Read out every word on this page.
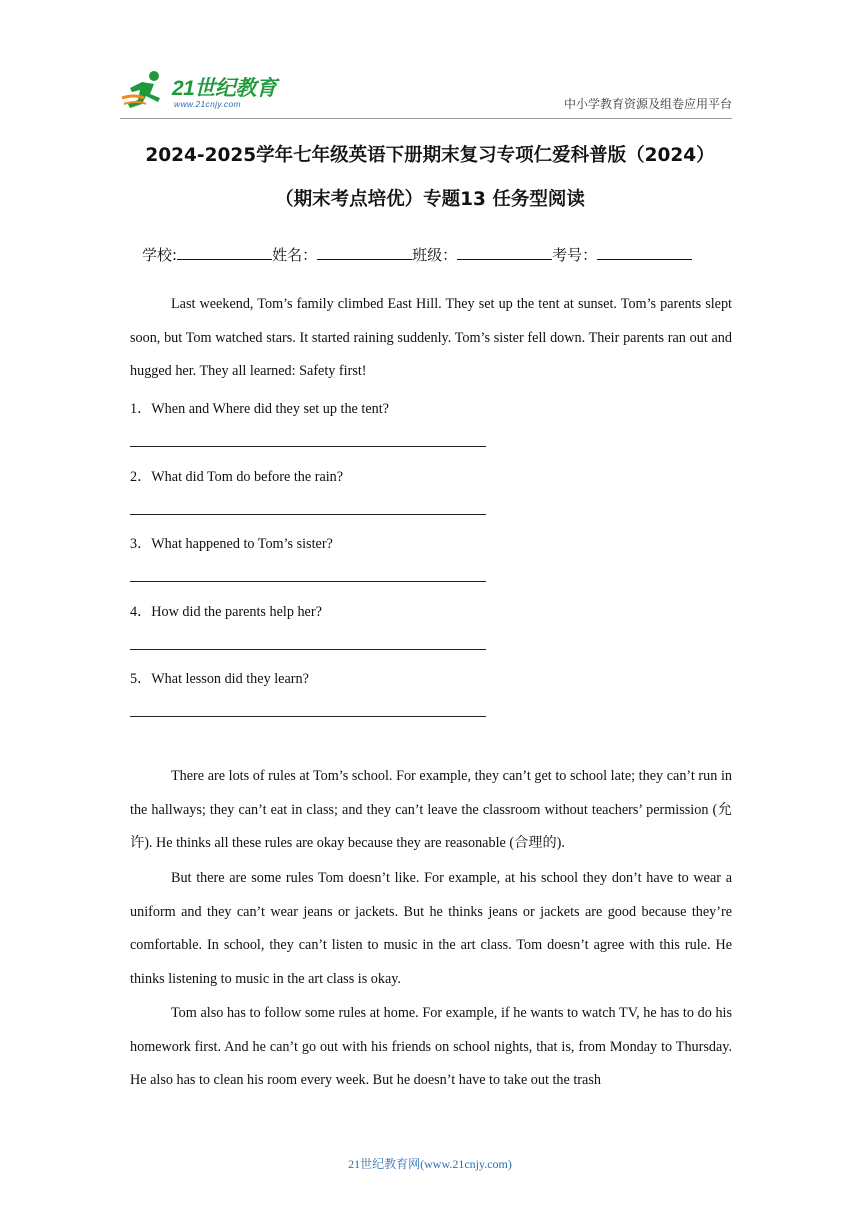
21世纪教育
www.21cnjy.com	中小学教育资源及组卷应用平台
2024-2025学年七年级英语下册期末复习专项仁爱科普版（2024）
（期末考点培优）专题13 任务型阅读
学校:	姓名：	班级：	考号：
Last weekend, Tom’s family climbed East Hill. They set up the tent at sunset. Tom’s parents slept soon, but Tom watched stars. It started raining suddenly. Tom’s sister fell down. Their parents ran out and hugged her. They all learned: Safety first!
1．When and Where did they set up the tent?
2．What did Tom do before the rain?
3．What happened to Tom’s sister?
4．How did the parents help her?
5．What lesson did they learn?
There are lots of rules at Tom’s school. For example, they can’t get to school late; they can’t run in the hallways; they can’t eat in class; and they can’t leave the classroom without teachers’ permission (允许). He thinks all these rules are okay because they are reasonable (合理的).
But there are some rules Tom doesn’t like. For example, at his school they don’t have to wear a uniform and they can’t wear jeans or jackets. But he thinks jeans or jackets are good because they’re comfortable. In school, they can’t listen to music in the art class. Tom doesn’t agree with this rule. He thinks listening to music in the art class is okay.
Tom also has to follow some rules at home. For example, if he wants to watch TV, he has to do his homework first. And he can’t go out with his friends on school nights, that is, from Monday to Thursday. He also has to clean his room every week. But he doesn’t have to take out the trash
21世纪教育网(www.21cnjy.com)
